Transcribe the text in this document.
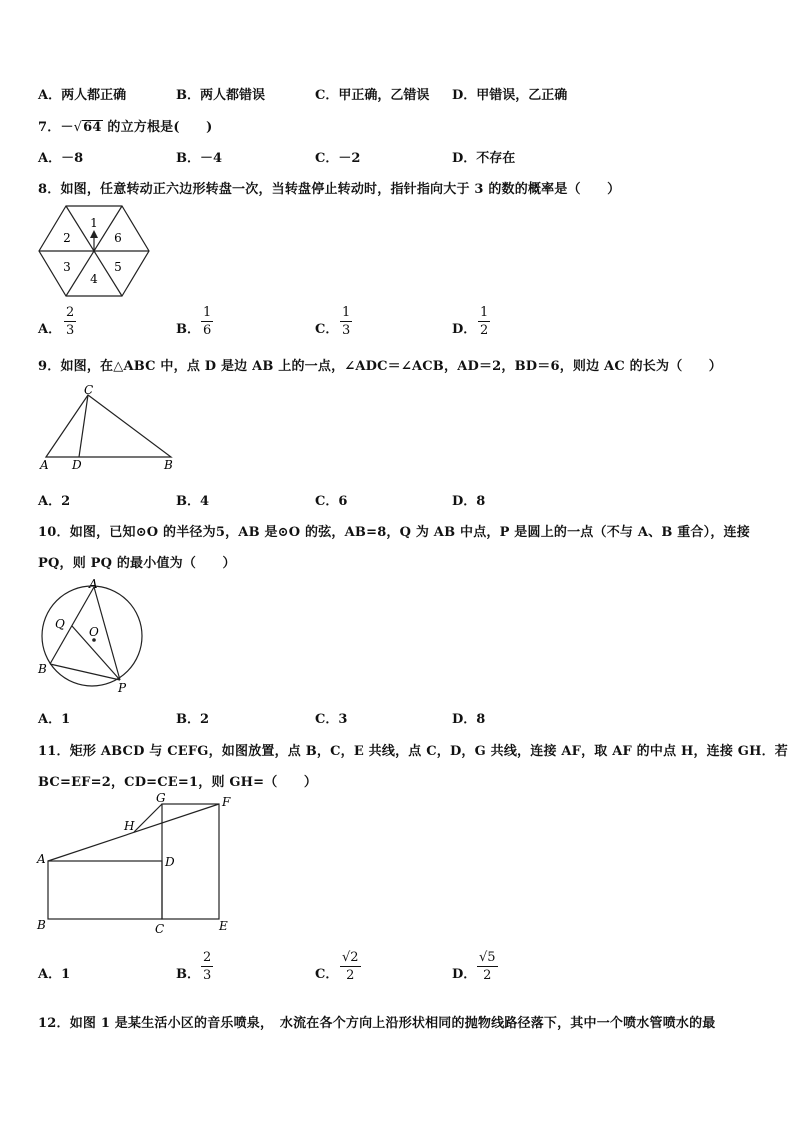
A．两人都正确	B．两人都错误	C．甲正确，乙错误 D．甲错误，乙正确
7．－√64 的立方根是(　　)
A．－8	B．－4	C．－2	D．不存在
8．如图，任意转动正六边形转盘一次，当转盘停止转动时，指针指向大于 3 的数的概率是（　　）
1
6
5
4
3
2
A．
2
3	B．
1
6	C．
1
3	D．
1
2
9．如图，在△ABC 中，点 D 是边 AB 上的一点，∠ADC＝∠ACB，AD＝2，BD＝6，则边 AC 的长为（　　）
C
A D	B
A．2	B．4	C．6	D．8
10．如图，已知⊙O 的半径为5，AB 是⊙O 的弦，AB=8，Q 为 AB 中点，P 是圆上的一点（不与 A、B 重合），连接
PQ，则 PQ 的最小值为（　　）
A
Q
O
B
P
A．1	B．2	C．3	D．8
11．矩形 ABCD 与 CEFG，如图放置，点 B，C，E 共线，点 C，D，G 共线，连接 AF，取 AF 的中点 H，连接 GH．若
BC=EF=2，CD=CE=1，则 GH=（　　）
G	F
H
A	D
B	C	E
A．1	B．
2
3	C．
√2
2	D．
√5
2
12．如图 1 是某生活小区的音乐喷泉，　水流在各个方向上沿形状相同的抛物线路径落下，其中一个喷水管喷水的最
